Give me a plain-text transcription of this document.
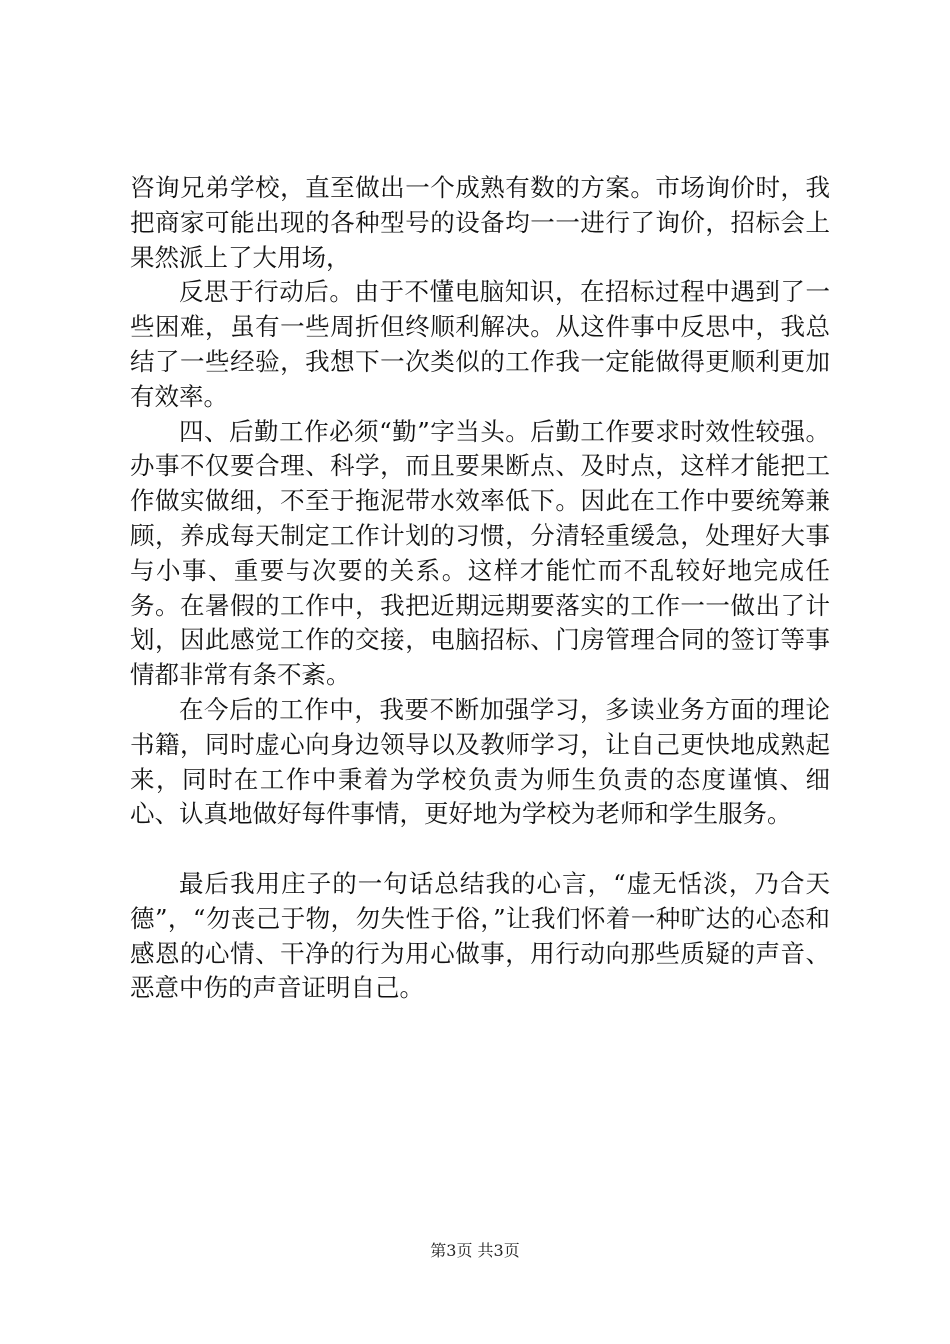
咨询兄弟学校，直至做出一个成熟有数的方案。市场询价时，我把商家可能出现的各种型号的设备均一一进行了询价，招标会上果然派上了大用场，

反思于行动后。由于不懂电脑知识，在招标过程中遇到了一些困难，虽有一些周折但终顺利解决。从这件事中反思中，我总结了一些经验，我想下一次类似的工作我一定能做得更顺利更加有效率。

四、后勤工作必须“勤”字当头。后勤工作要求时效性较强。办事不仅要合理、科学，而且要果断点、及时点，这样才能把工作做实做细，不至于拖泥带水效率低下。因此在工作中要统筹兼顾，养成每天制定工作计划的习惯，分清轻重缓急，处理好大事与小事、重要与次要的关系。这样才能忙而不乱较好地完成任务。在暑假的工作中，我把近期远期要落实的工作一一做出了计划，因此感觉工作的交接，电脑招标、门房管理合同的签订等事情都非常有条不紊。

在今后的工作中，我要不断加强学习，多读业务方面的理论书籍，同时虚心向身边领导以及教师学习，让自己更快地成熟起来，同时在工作中秉着为学校负责为师生负责的态度谨慎、细心、认真地做好每件事情，更好地为学校为老师和学生服务。

最后我用庄子的一句话总结我的心言，“虚无恬淡，乃合天德”，“勿丧己于物，勿失性于俗，”让我们怀着一种旷达的心态和感恩的心情、干净的行为用心做事，用行动向那些质疑的声音、恶意中伤的声音证明自己。

第3页 共3页
